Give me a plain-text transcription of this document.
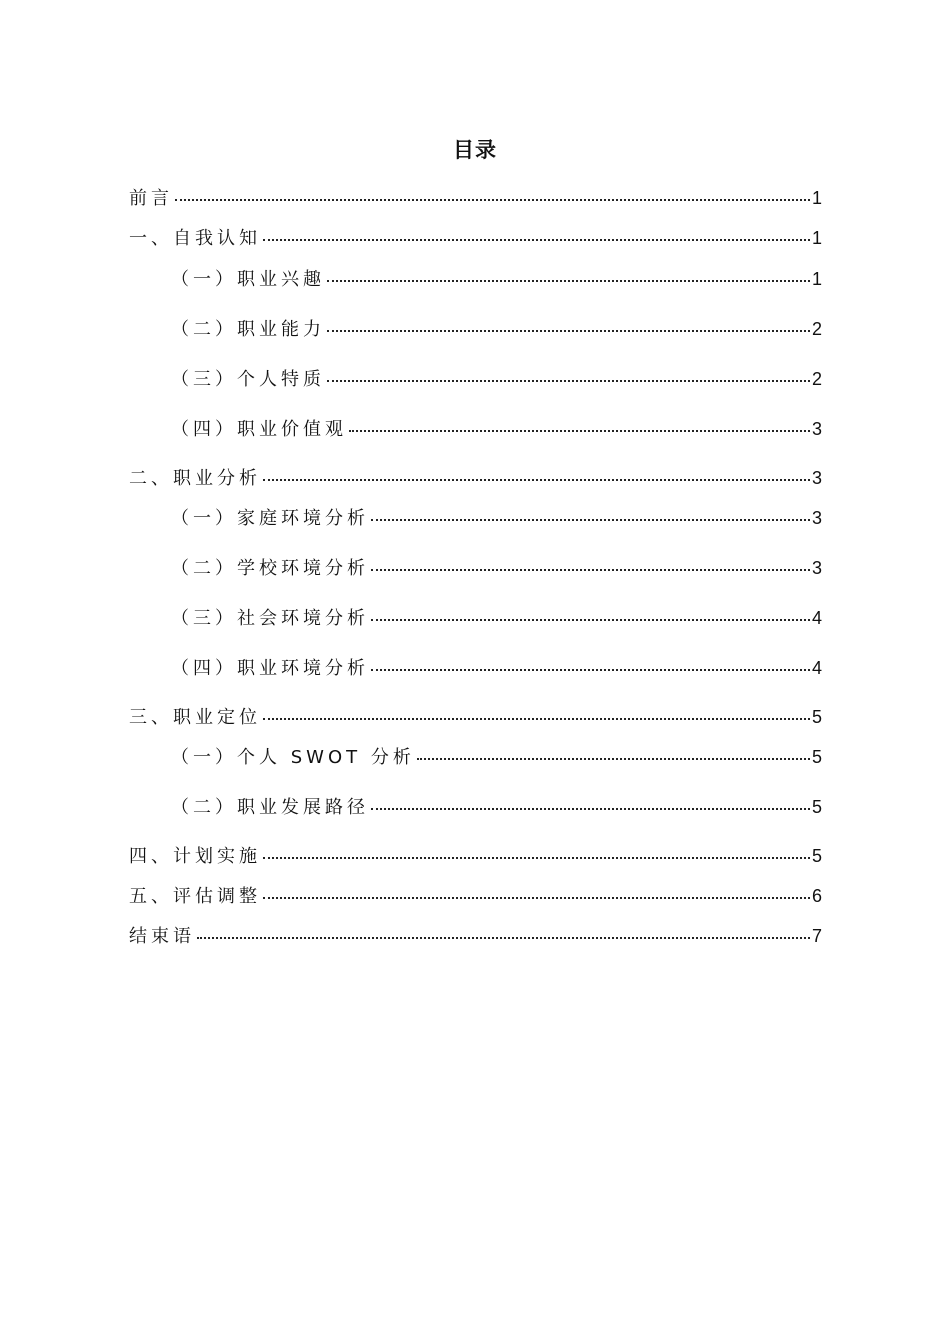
目录
前言	1
一、自我认知	1
（一）职业兴趣	1
（二）职业能力	2
（三）个人特质	2
（四）职业价值观	3
二、职业分析	3
（一）家庭环境分析	3
（二）学校环境分析	3
（三）社会环境分析	4
（四）职业环境分析	4
三、职业定位	5
（一）个人 SWOT 分析	5
（二）职业发展路径	5
四、计划实施	5
五、评估调整	6
结束语	7
